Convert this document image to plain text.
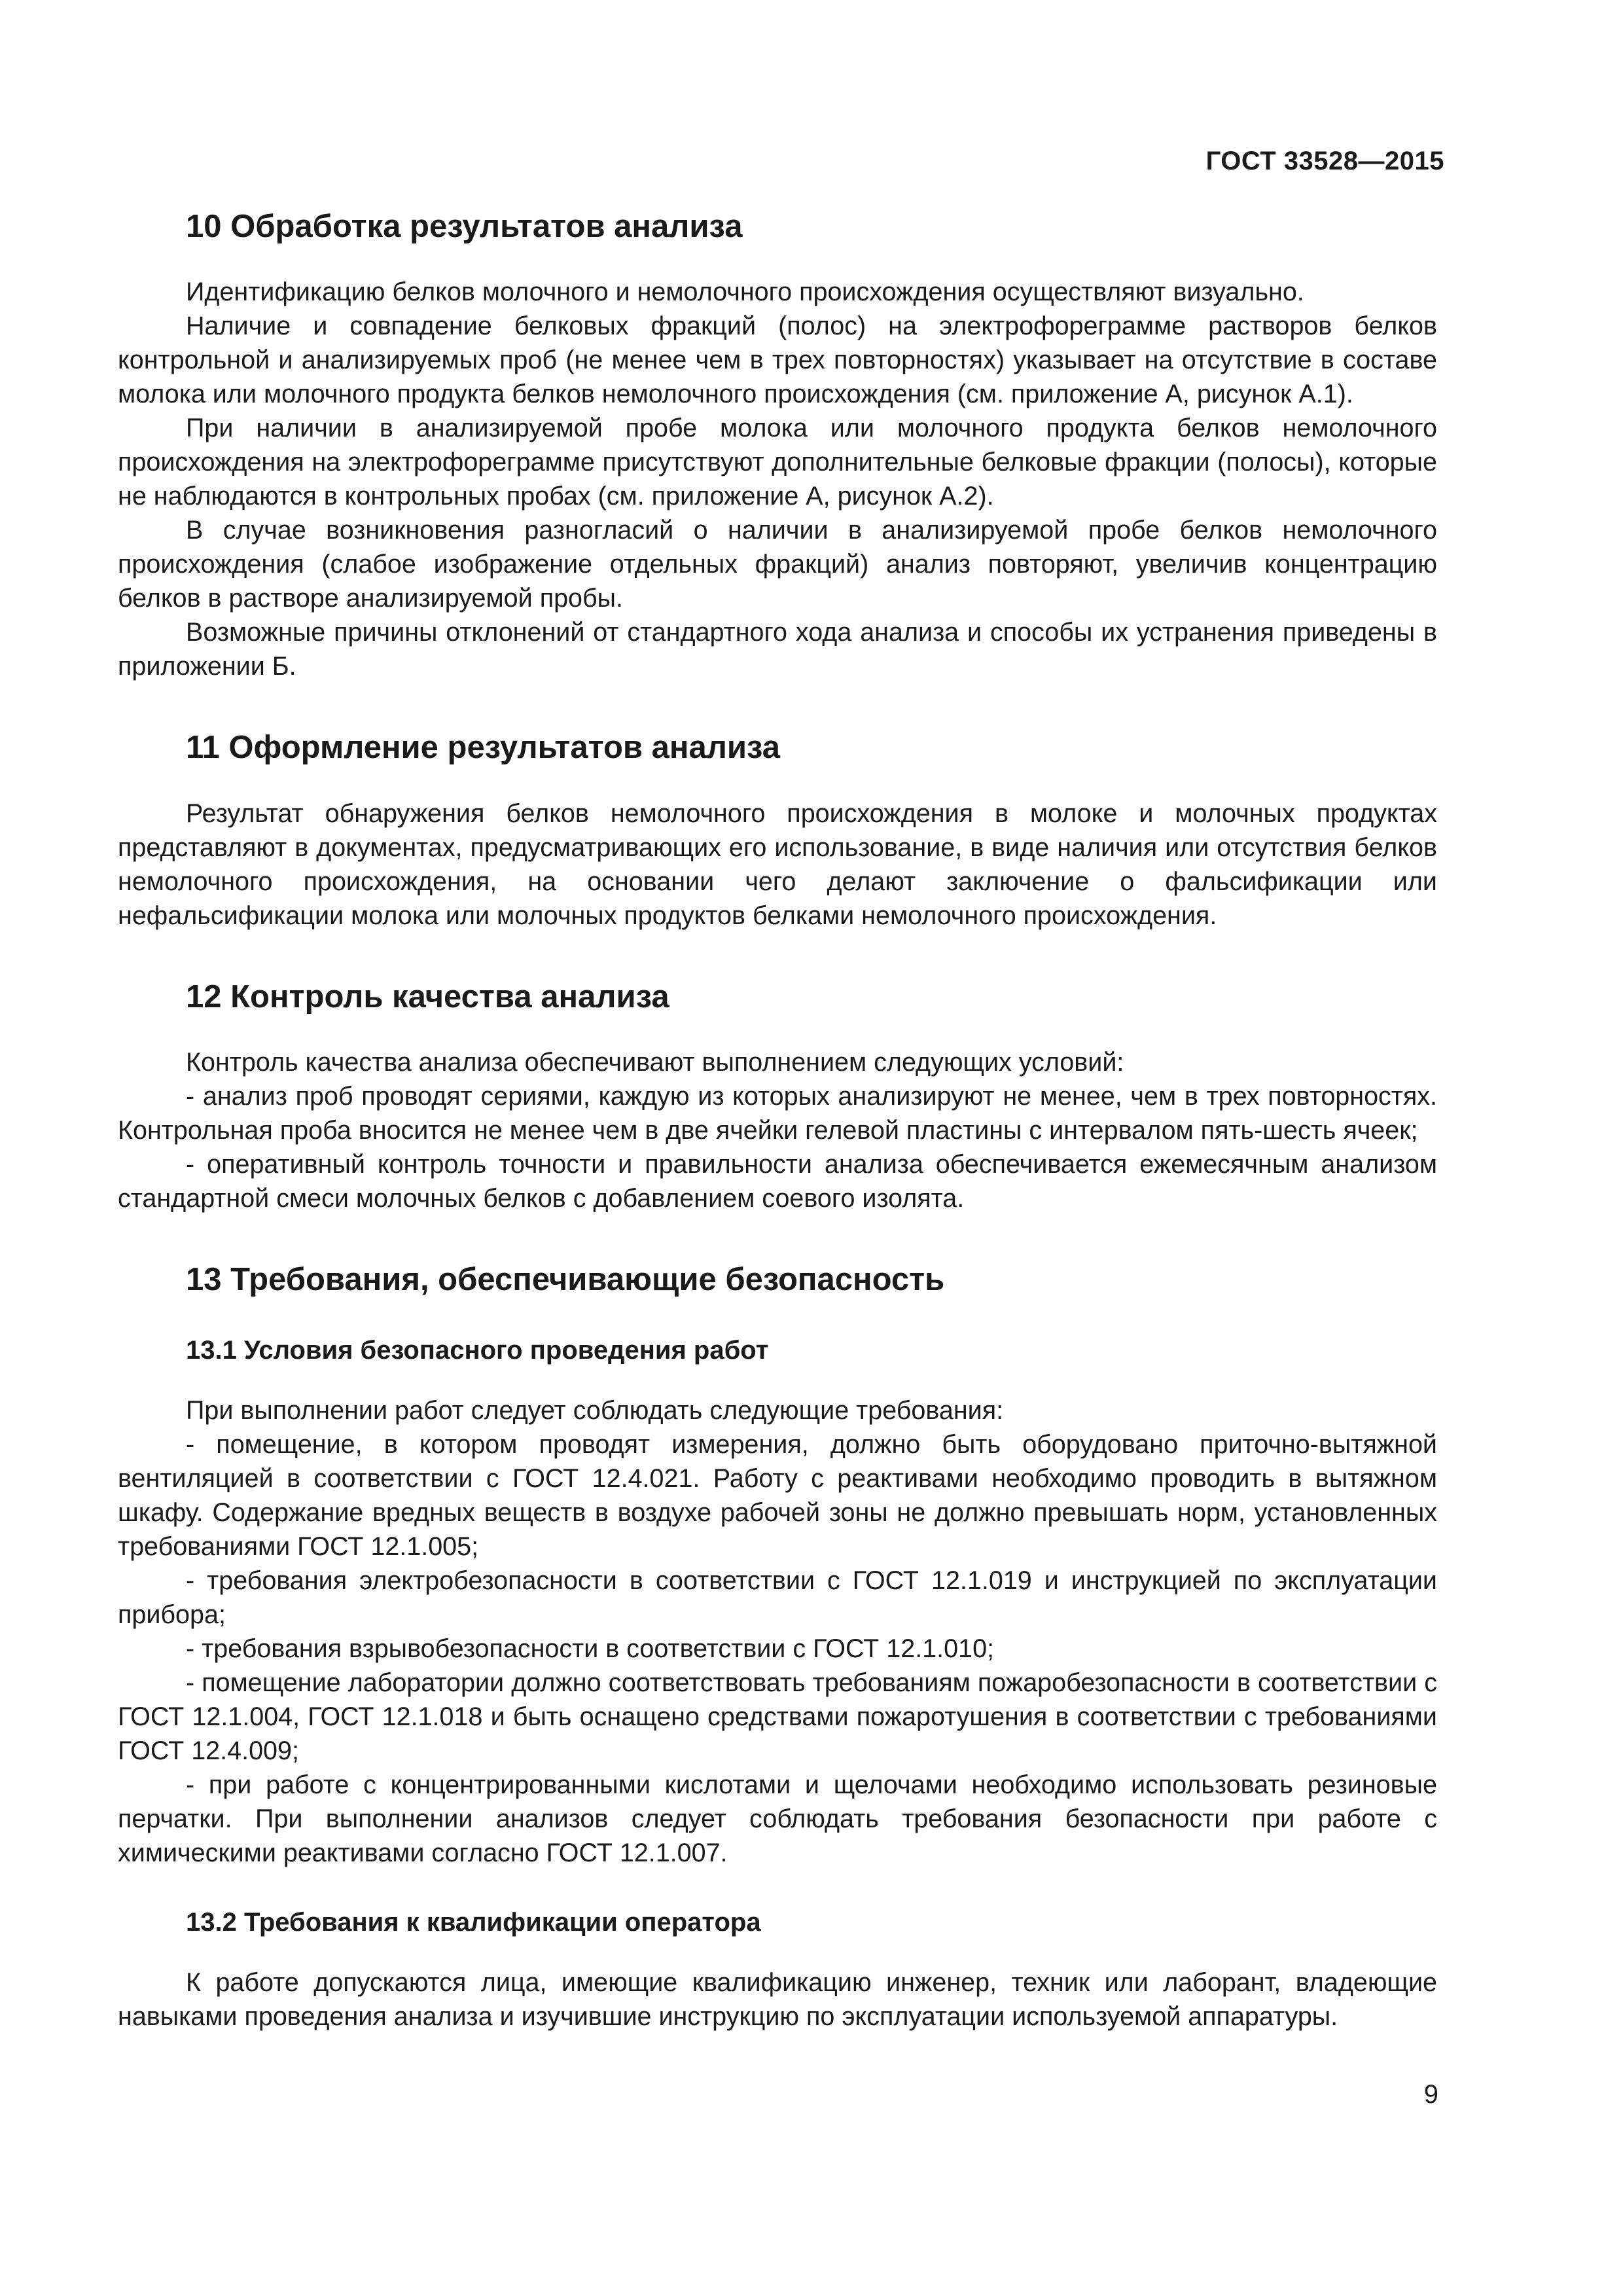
ГОСТ 33528—2015
10 Обработка результатов анализа

Идентификацию белков молочного и немолочного происхождения осуществляют визуально.

Наличие и совпадение белковых фракций (полос) на электрофореграмме растворов белков контрольной и анализируемых проб (не менее чем в трех повторностях) указывает на отсутствие в составе молока или молочного продукта белков немолочного происхождения (см. приложение А, рисунок А.1).

При наличии в анализируемой пробе молока или молочного продукта белков немолочного происхождения на электрофореграмме присутствуют дополнительные белковые фракции (полосы), которые не наблюдаются в контрольных пробах (см. приложение А, рисунок А.2).

В случае возникновения разногласий о наличии в анализируемой пробе белков немолочного происхождения (слабое изображение отдельных фракций) анализ повторяют, увеличив концентрацию белков в растворе анализируемой пробы.

Возможные причины отклонений от стандартного хода анализа и способы их устранения приведены в приложении Б.

11 Оформление результатов анализа

Результат обнаружения белков немолочного происхождения в молоке и молочных продуктах представляют в документах, предусматривающих его использование, в виде наличия или отсутствия белков немолочного происхождения, на основании чего делают заключение о фальсификации или нефальсификации молока или молочных продуктов белками немолочного происхождения.

12 Контроль качества анализа

Контроль качества анализа обеспечивают выполнением следующих условий:

- анализ проб проводят сериями, каждую из которых анализируют не менее, чем в трех повторностях. Контрольная проба вносится не менее чем в две ячейки гелевой пластины с интервалом пять-шесть ячеек;

- оперативный контроль точности и правильности анализа обеспечивается ежемесячным анализом стандартной смеси молочных белков с добавлением соевого изолята.

13 Требования, обеспечивающие безопасность
13.1 Условия безопасного проведения работ

При выполнении работ следует соблюдать следующие требования:

- помещение, в котором проводят измерения, должно быть оборудовано приточно-вытяжной вентиляцией в соответствии с ГОСТ 12.4.021. Работу с реактивами необходимо проводить в вытяжном шкафу. Содержание вредных веществ в воздухе рабочей зоны не должно превышать норм, установленных требованиями ГОСТ 12.1.005;

- требования электробезопасности в соответствии с ГОСТ 12.1.019 и инструкцией по эксплуатации прибора;

- требования взрывобезопасности в соответствии с ГОСТ 12.1.010;

- помещение лаборатории должно соответствовать требованиям пожаробезопасности в соответствии с ГОСТ 12.1.004, ГОСТ 12.1.018 и быть оснащено средствами пожаротушения в соответствии с требованиями ГОСТ 12.4.009;

- при работе с концентрированными кислотами и щелочами необходимо использовать резиновые перчатки. При выполнении анализов следует соблюдать требования безопасности при работе с химическими реактивами согласно ГОСТ 12.1.007.

13.2 Требования к квалификации оператора

К работе допускаются лица, имеющие квалификацию инженер, техник или лаборант, владеющие навыками проведения анализа и изучившие инструкцию по эксплуатации используемой аппаратуры.

9
